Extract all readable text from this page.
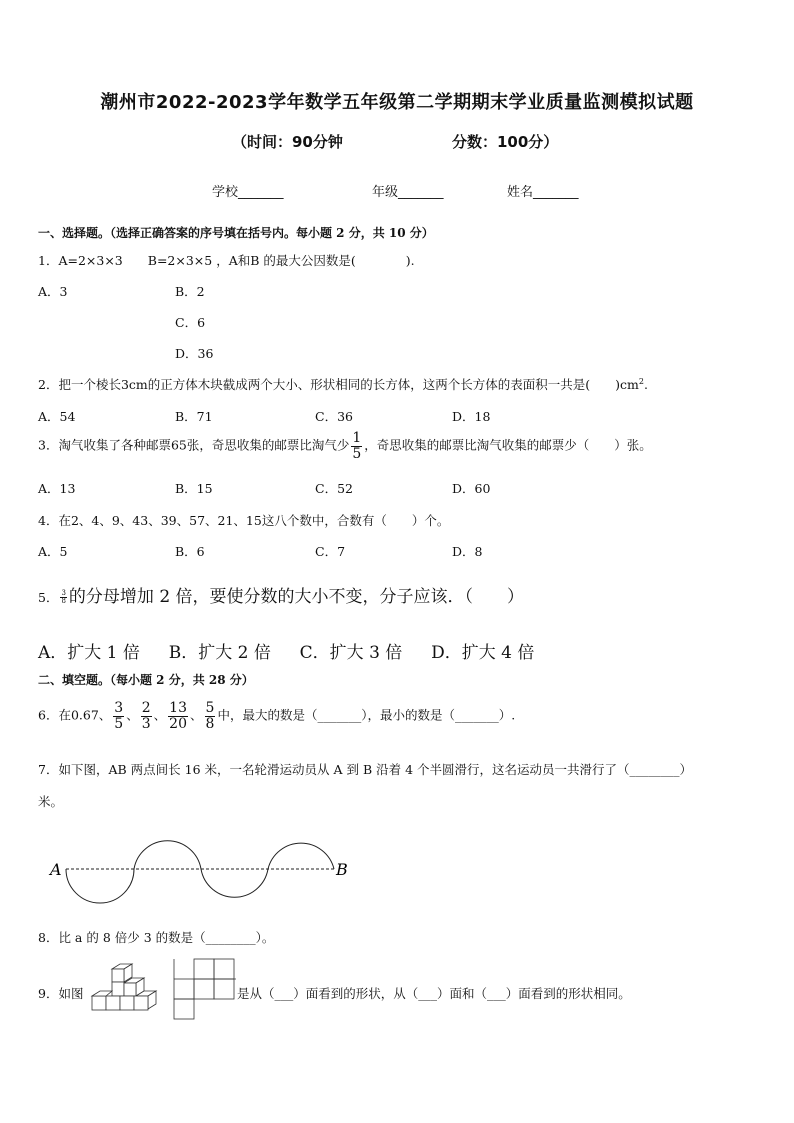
潮州市2022-2023学年数学五年级第二学期期末学业质量监测模拟试题
（时间：90分钟	分数：100分）
学校_______	年级_______	姓名_______
一、选择题。（选择正确答案的序号填在括号内。每小题 2 分，共 10 分）
1．A=2×3×3　　B=2×3×5 ，A和B 的最大公因数是(　　　　).
A．3	B．2
C．6
D．36
2．把一个棱长3cm的正方体木块截成两个大小、形状相同的长方体，这两个长方体的表面积一共是(　　)$cm^2$.
A．54	B．71	C．36	D．18
3．淘气收集了各种邮票65张，奇思收集的邮票比淘气少 $\frac{1}{5}$ ，奇思收集的邮票比淘气收集的邮票少（　　）张。
A．13	B．15	C．52	D．60
4．在2、4、9、43、39、57、21、15这八个数中，合数有（　　）个。
A．5	B．6	C．7	D．8
5． $\frac{3}{8}$ 的分母增加 2 倍，要使分数的大小不变，分子应该．（　　）
A．扩大 1 倍 B．扩大 2 倍 C．扩大 3 倍 D．扩大 4 倍
二、填空题。（每小题 2 分，共 28 分）
6．在0.67、 $\frac{3}{5}$ 、 $\frac{2}{3}$ 、 $\frac{13}{20}$ 、 $\frac{5}{8}$ 中，最大的数是（_______），最小的数是（_______）.
7．如下图，AB 两点间长 16 米，一名轮滑运动员从 A 到 B 沿着 4 个半圆滑行，这名运动员一共滑行了（________）
米。
A	B
8．比 a 的 8 倍少 3 的数是（________）。
9．如图	是从（___）面看到的形状，从（___）面和（___）面看到的形状相同。
